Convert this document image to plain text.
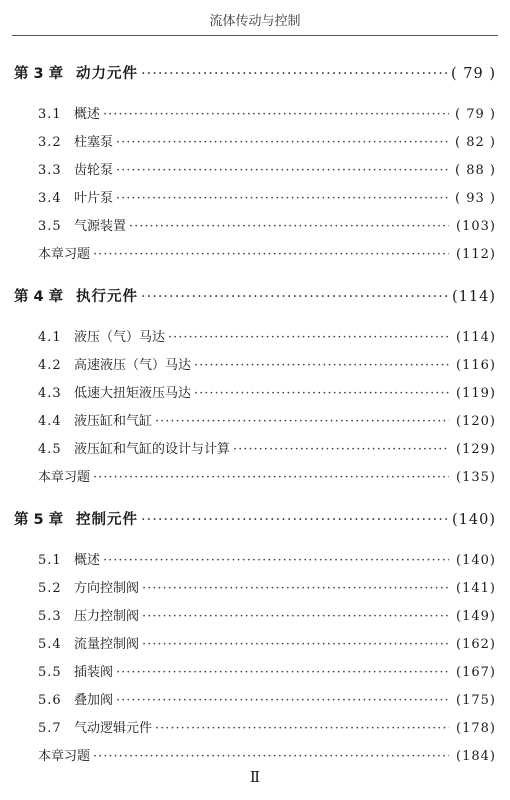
流体传动与控制
第 3 章 动力元件 ·····	( 79 )
3.1 概述 ·····	( 79 )
3.2 柱塞泵 ·····	( 82 )
3.3 齿轮泵 ·····	( 88 )
3.4 叶片泵 ·····	( 93 )
3.5 气源装置 ·····	(103)
本章习题 ·····	(112)
第 4 章 执行元件 ·····	(114)
4.1 液压（气）马达 ·····	(114)
4.2 高速液压（气）马达 ·····	(116)
4.3 低速大扭矩液压马达 ·····	(119)
4.4 液压缸和气缸 ·····	(120)
4.5 液压缸和气缸的设计与计算 ·····	(129)
本章习题 ·····	(135)
第 5 章 控制元件 ·····	(140)
5.1 概述 ·····	(140)
5.2 方向控制阀 ·····	(141)
5.3 压力控制阀 ·····	(149)
5.4 流量控制阀 ·····	(162)
5.5 插装阀 ·····	(167)
5.6 叠加阀 ·····	(175)
5.7 气动逻辑元件 ·····	(178)
本章习题 ·····	(184)
Ⅱ
